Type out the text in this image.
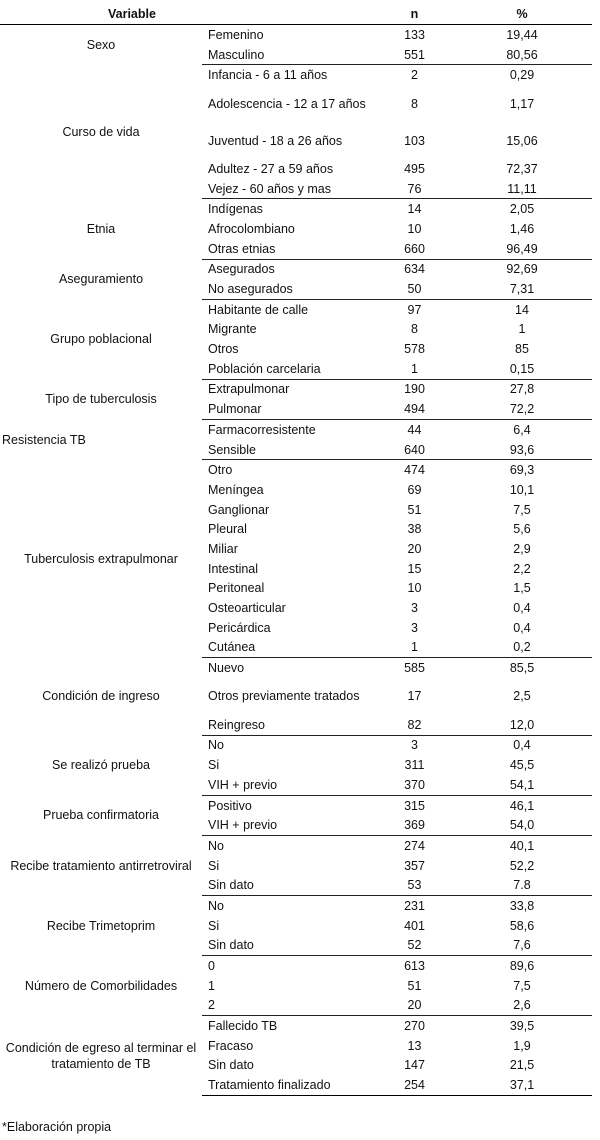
Variable		n	%
Sexo	Femenino	133	19,44
	Masculino	551	80,56
Curso de vida	Infancia - 6 a 11 años	2	0,29
	Adolescencia - 12 a 17 años	8	1,17
	Juventud - 18 a 26 años	103	15,06
	Adultez - 27 a 59 años	495	72,37
	Vejez - 60 años y mas	76	11,11
Etnia	Indígenas	14	2,05
	Afrocolombiano	10	1,46
	Otras etnias	660	96,49
Aseguramiento	Asegurados	634	92,69
	No asegurados	50	7,31
Grupo poblacional	Habitante de calle	97	14
	Migrante	8	1
	Otros	578	85
	Población carcelaria	1	0,15
Tipo de tuberculosis	Extrapulmonar	190	27,8
	Pulmonar	494	72,2
Resistencia TB	Farmacorresistente	44	6,4
	Sensible	640	93,6
Tuberculosis extrapulmonar	Otro	474	69,3
	Meníngea	69	10,1
	Ganglionar	51	7,5
	Pleural	38	5,6
	Miliar	20	2,9
	Intestinal	15	2,2
	Peritoneal	10	1,5
	Osteoarticular	3	0,4
	Pericárdica	3	0,4
	Cutánea	1	0,2
Condición de ingreso	Nuevo	585	85,5
	Otros previamente tratados	17	2,5
	Reingreso	82	12,0
Se realizó prueba	No	3	0,4
	Si	311	45,5
	VIH + previo	370	54,1
Prueba confirmatoria	Positivo	315	46,1
	VIH + previo	369	54,0
Recibe tratamiento antirretroviral	No	274	40,1
	Si	357	52,2
	Sin dato	53	7.8
Recibe Trimetoprim	No	231	33,8
	Si	401	58,6
	Sin dato	52	7,6
Número de Comorbilidades	0	613	89,6
	1	51	7,5
	2	20	2,6
Condición de egreso al terminar el tratamiento de TB	Fallecido TB	270	39,5
	Fracaso	13	1,9
	Sin dato	147	21,5
	Tratamiento finalizado	254	37,1
*Elaboración propia
